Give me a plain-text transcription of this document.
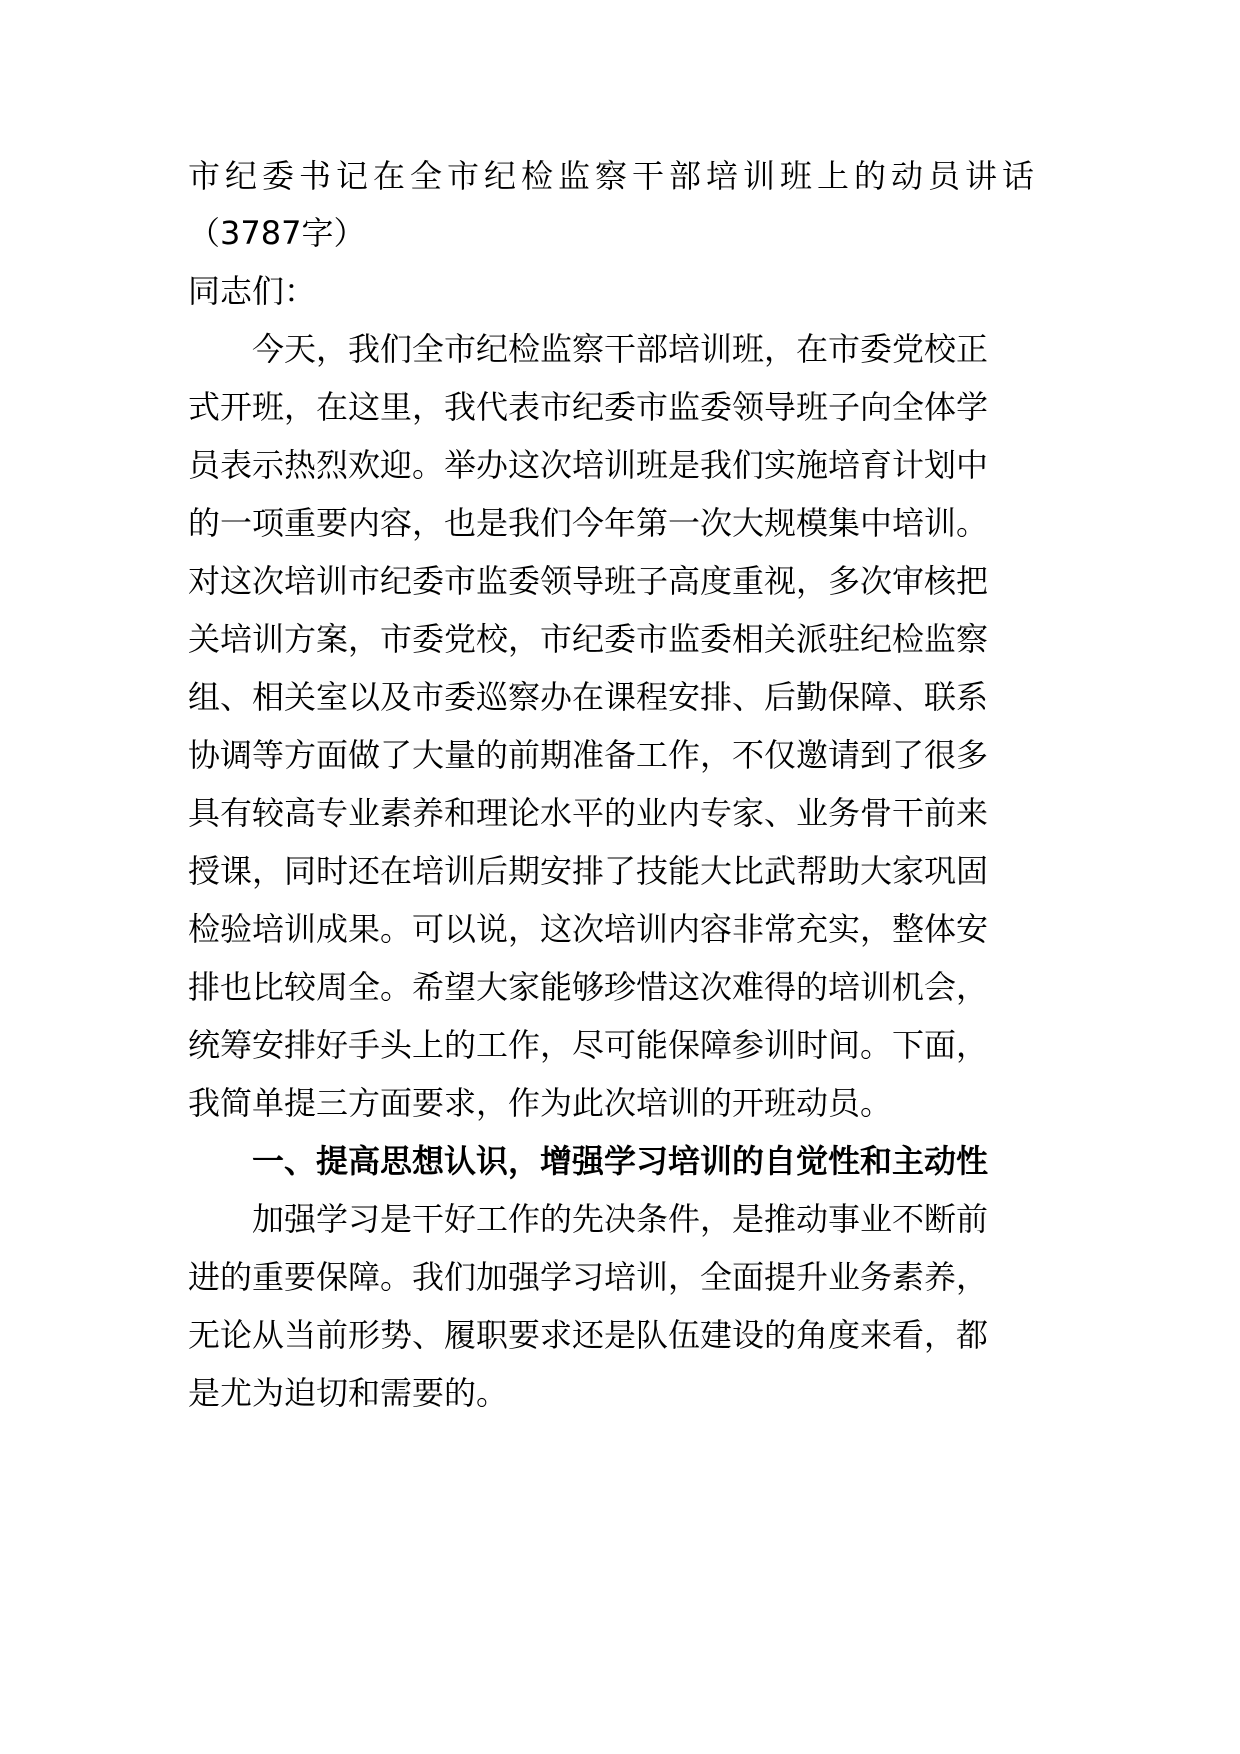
市纪委书记在全市纪检监察干部培训班上的动员讲话
（3787字）
同志们：
今天，我们全市纪检监察干部培训班，在市委党校正
式开班，在这里，我代表市纪委市监委领导班子向全体学
员表示热烈欢迎。举办这次培训班是我们实施培育计划中
的一项重要内容，也是我们今年第一次大规模集中培训。
对这次培训市纪委市监委领导班子高度重视，多次审核把
关培训方案，市委党校，市纪委市监委相关派驻纪检监察
组、相关室以及市委巡察办在课程安排、后勤保障、联系
协调等方面做了大量的前期准备工作，不仅邀请到了很多
具有较高专业素养和理论水平的业内专家、业务骨干前来
授课，同时还在培训后期安排了技能大比武帮助大家巩固
检验培训成果。可以说，这次培训内容非常充实，整体安
排也比较周全。希望大家能够珍惜这次难得的培训机会，
统筹安排好手头上的工作，尽可能保障参训时间。下面，
我简单提三方面要求，作为此次培训的开班动员。
一、提高思想认识，增强学习培训的自觉性和主动性
加强学习是干好工作的先决条件，是推动事业不断前
进的重要保障。我们加强学习培训，全面提升业务素养，
无论从当前形势、履职要求还是队伍建设的角度来看，都
是尤为迫切和需要的。
